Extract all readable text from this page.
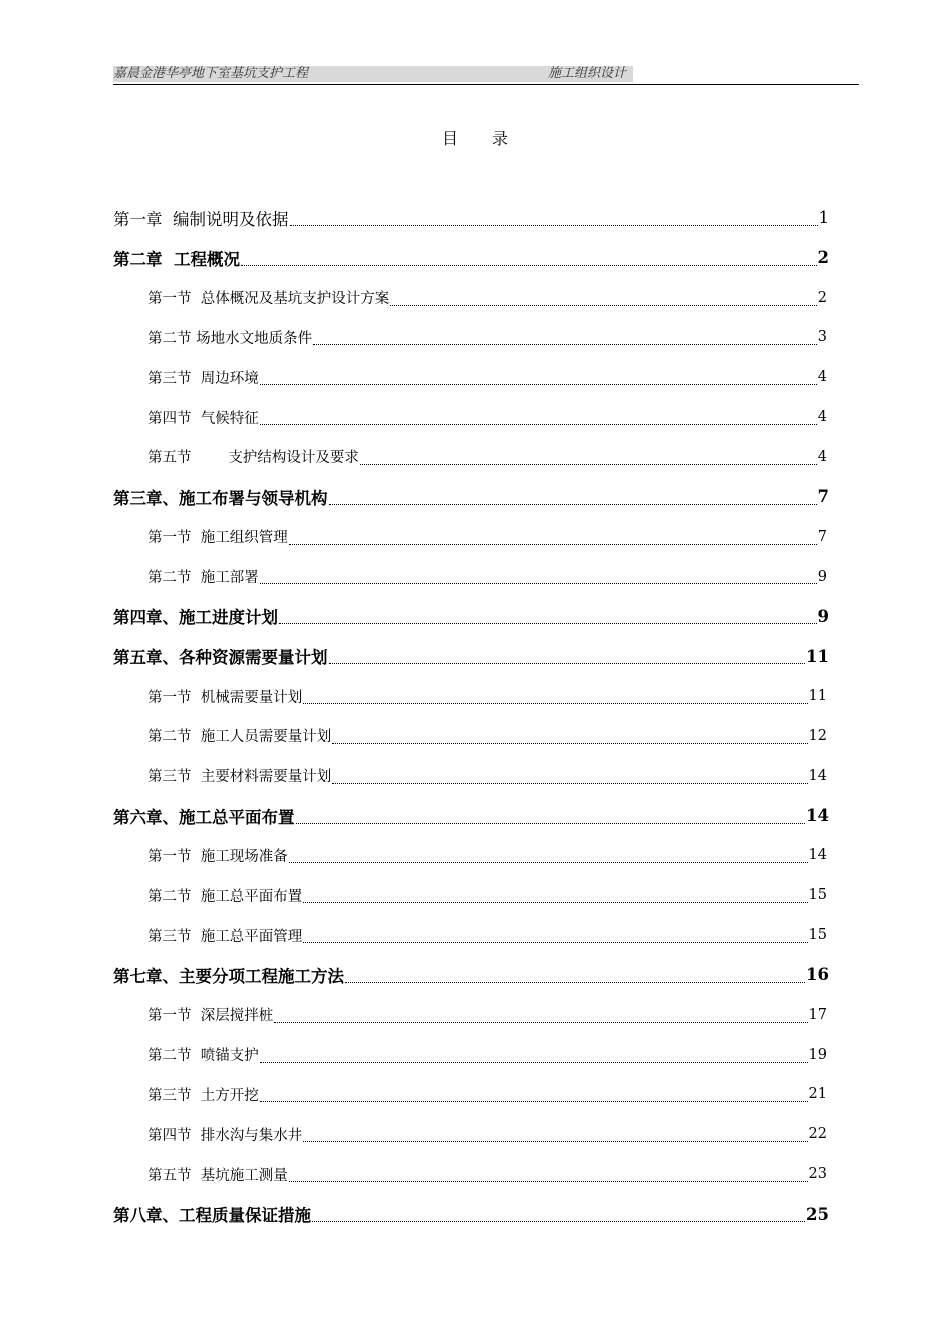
嘉晨金港华亭地下室基坑支护工程	施工组织设计
目录
第一章  编制说明及依据	1
第二章  工程概况	2
第一节  总体概况及基坑支护设计方案	2
第二节 场地水文地质条件	3
第三节  周边环境	4
第四节  气候特征	4
第五节        支护结构设计及要求	4
第三章、施工布署与领导机构	7
第一节  施工组织管理	7
第二节  施工部署	9
第四章、施工进度计划	9
第五章、各种资源需要量计划	11
第一节  机械需要量计划	11
第二节  施工人员需要量计划	12
第三节  主要材料需要量计划	14
第六章、施工总平面布置	14
第一节  施工现场准备	14
第二节  施工总平面布置	15
第三节  施工总平面管理	15
第七章、主要分项工程施工方法	16
第一节  深层搅拌桩	17
第二节  喷锚支护	19
第三节  土方开挖	21
第四节  排水沟与集水井	22
第五节  基坑施工测量	23
第八章、工程质量保证措施	25
